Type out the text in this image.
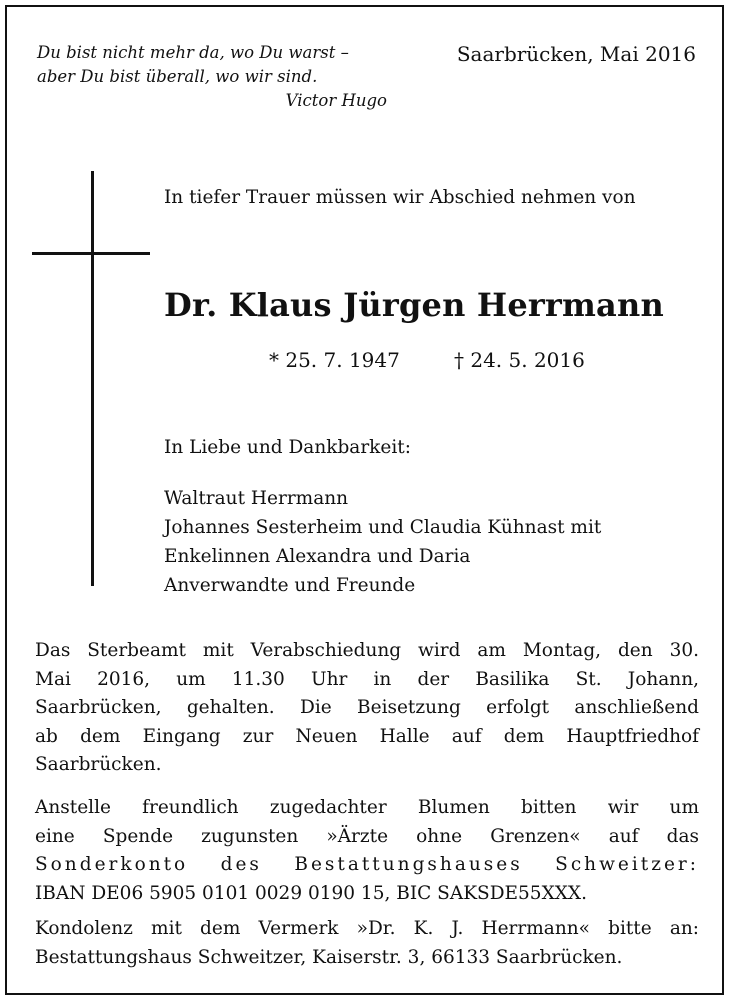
Du bist nicht mehr da, wo Du warst –
aber Du bist überall, wo wir sind.
Victor Hugo
Saarbrücken, Mai 2016
In tiefer Trauer müssen wir Abschied nehmen von
Dr. Klaus Jürgen Herrmann
* 25. 7. 1947	† 24. 5. 2016
In Liebe und Dankbarkeit:
Waltraut Herrmann
Johannes Sesterheim und Claudia Kühnast mit
Enkelinnen Alexandra und Daria
Anverwandte und Freunde
Das Sterbeamt mit Verabschiedung wird am Montag, den 30.
Mai 2016, um 11.30 Uhr in der Basilika St. Johann,
Saarbrücken, gehalten. Die Beisetzung erfolgt anschließend
ab dem Eingang zur Neuen Halle auf dem Hauptfriedhof
Saarbrücken.
Anstelle freundlich zugedachter Blumen bitten wir um
eine Spende zugunsten »Ärzte ohne Grenzen« auf das
Sonderkonto des Bestattungshauses Schweitzer:
IBAN DE06 5905 0101 0029 0190 15, BIC SAKSDE55XXX.
Kondolenz mit dem Vermerk »Dr. K. J. Herrmann« bitte an:
Bestattungshaus Schweitzer, Kaiserstr. 3, 66133 Saarbrücken.
